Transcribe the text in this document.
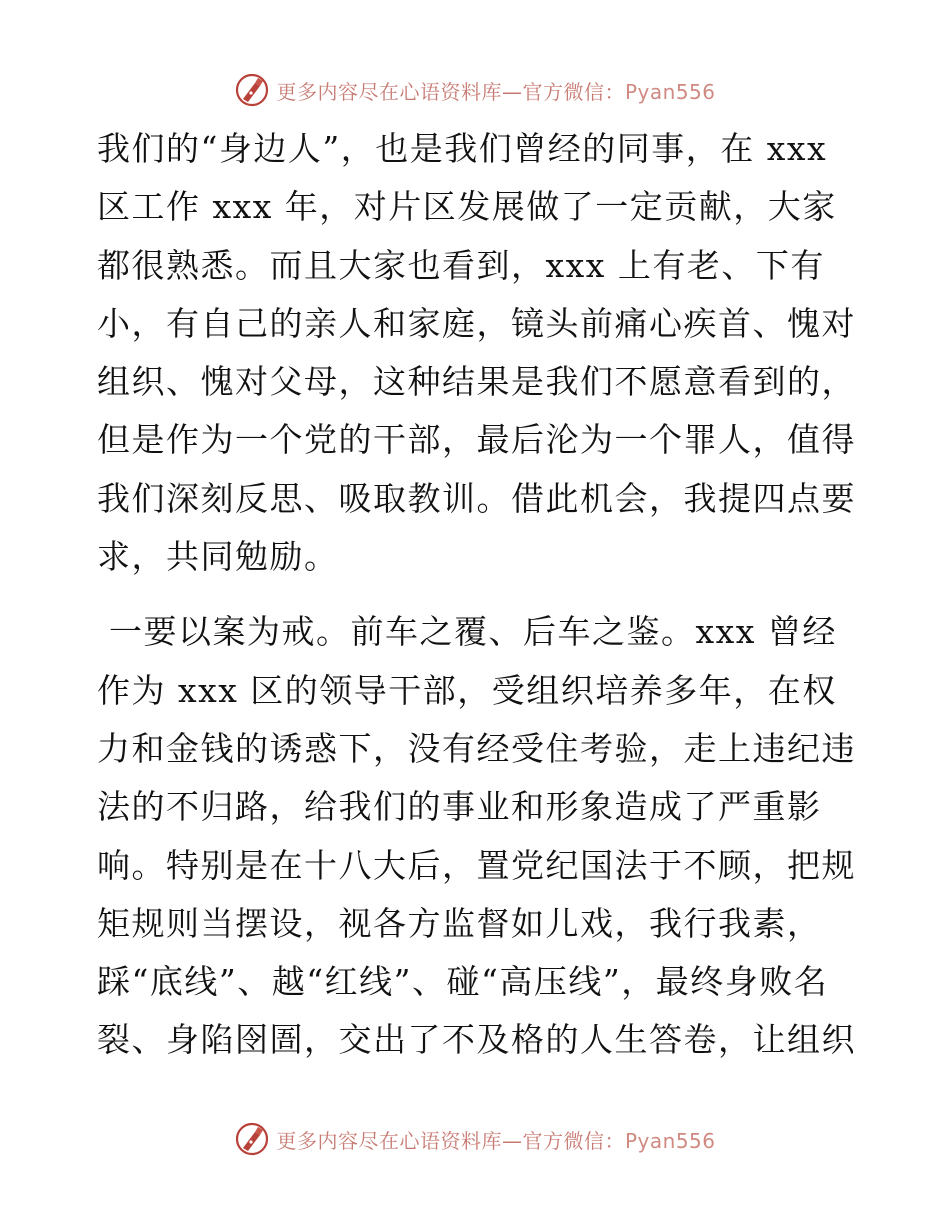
更多内容尽在心语资料库—官方微信：Pyan556

我们的“身边人”，也是我们曾经的同事，在 xxx 区工作 xxx 年，对片区发展做了一定贡献，大家都很熟悉。而且大家也看到，xxx 上有老、下有小，有自己的亲人和家庭，镜头前痛心疾首、愧对组织、愧对父母，这种结果是我们不愿意看到的，但是作为一个党的干部，最后沦为一个罪人，值得我们深刻反思、吸取教训。借此机会，我提四点要求，共同勉励。

一要以案为戒。前车之覆、后车之鉴。xxx 曾经作为 xxx 区的领导干部，受组织培养多年，在权力和金钱的诱惑下，没有经受住考验，走上违纪违法的不归路，给我们的事业和形象造成了严重影响。特别是在十八大后，置党纪国法于不顾，把规矩规则当摆设，视各方监督如儿戏，我行我素，踩“底线”、越“红线”、碰“高压线”，最终身败名裂、身陷囹圄，交出了不及格的人生答卷，让组织

更多内容尽在心语资料库—官方微信：Pyan556
